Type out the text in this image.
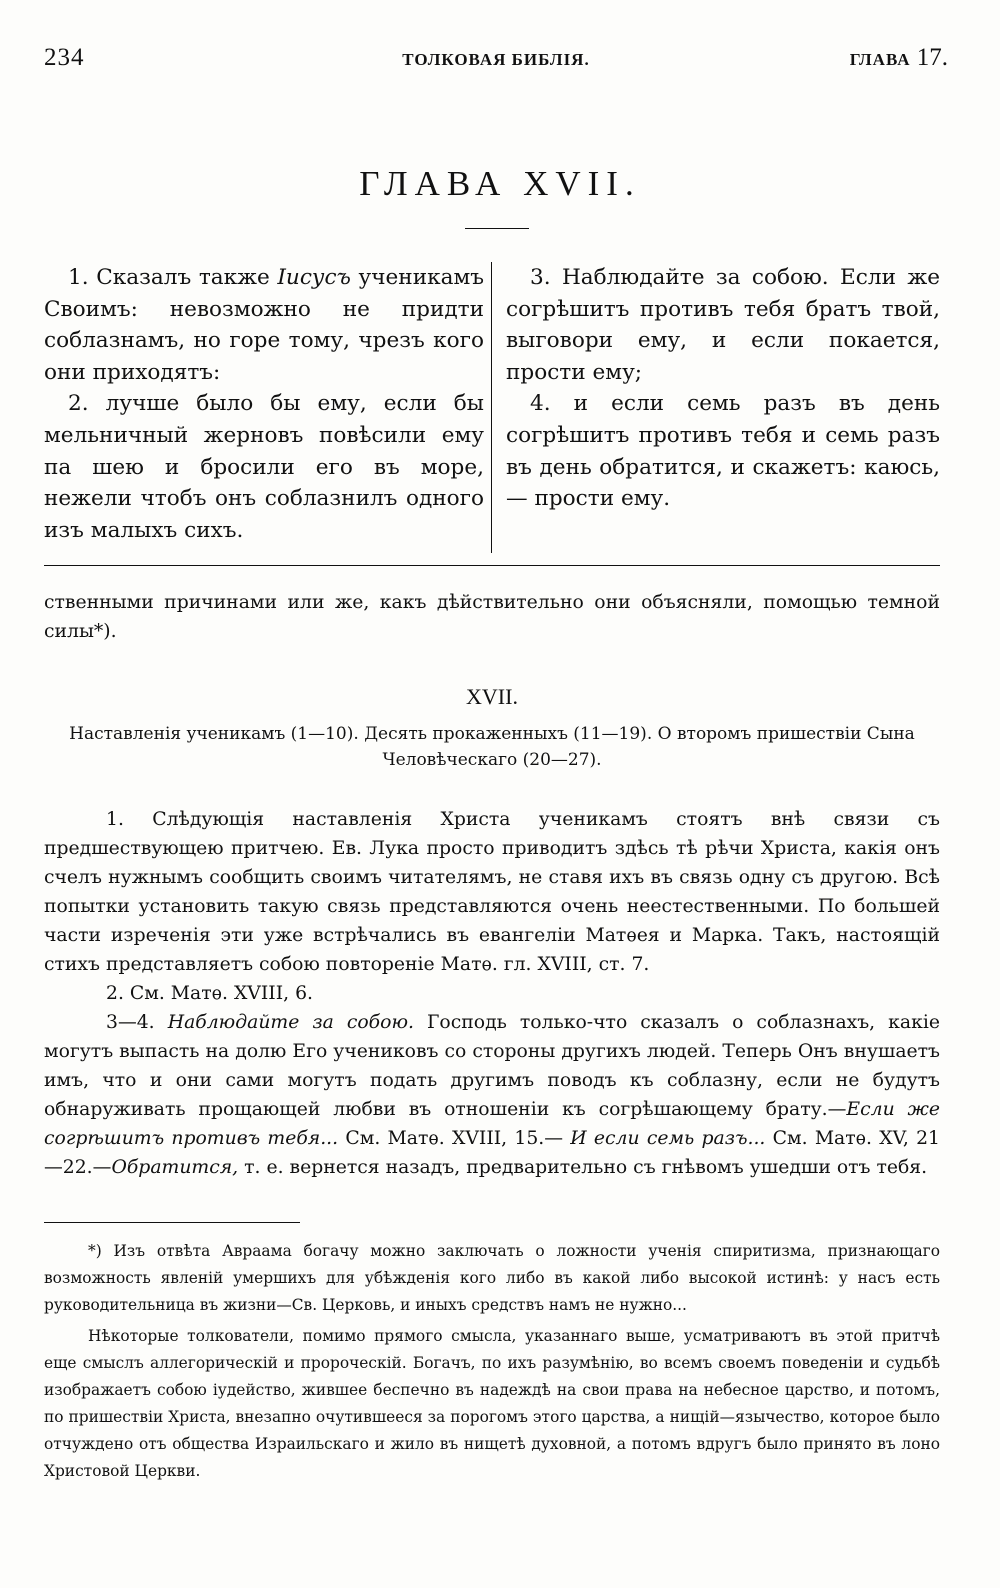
234	ТОЛКОВАЯ БИБЛІЯ.	ГЛАВА 17.
ГЛАВА XVII.

1. Сказалъ также Іисусъ ученикамъ Своимъ: невозможно не придти соблазнамъ, но горе тому, чрезъ кого они приходятъ:

2. лучше было бы ему, если бы мельничный жерновъ повѣсили ему па шею и бросили его въ море, нежели чтобъ онъ соблазнилъ одного изъ малыхъ сихъ.

3. Наблюдайте за собою. Если же согрѣшитъ противъ тебя братъ твой, выговори ему, и если покается, прости ему;

4. и если семь разъ въ день согрѣшитъ противъ тебя и семь разъ въ день обратится, и скажетъ: каюсь, — прости ему.

ственными причинами или же, какъ дѣйствительно они объясняли, помощью темной силы*).

XVII.

Наставленія ученикамъ (1—10). Десять прокаженныхъ (11—19). О второмъ пришествіи Сына Человѣческаго (20—27).

1. Слѣдующія наставленія Христа ученикамъ стоятъ внѣ связи съ предшествующею притчею. Ев. Лука просто приводитъ здѣсь тѣ рѣчи Христа, какія онъ счелъ нужнымъ сообщить своимъ читателямъ, не ставя ихъ въ связь одну съ другою. Всѣ попытки установить такую связь представляются очень неестественными. По большей части изреченія эти уже встрѣчались въ евангеліи Матѳея и Марка. Такъ, настоящій стихъ представляетъ собою повтореніе Матѳ. гл. XVIII, ст. 7.

2. См. Матѳ. XVIII, 6.

3—4. Наблюдайте за собою. Господь только-что сказалъ о соблазнахъ, какіе могутъ выпасть на долю Его учениковъ со стороны другихъ людей. Теперь Онъ внушаетъ имъ, что и они сами могутъ подать другимъ поводъ къ соблазну, если не будутъ обнаруживать прощающей любви въ отношеніи къ согрѣшающему брату.—Если же согрѣшитъ противъ тебя... См. Матѳ. XVIII, 15.— И если семь разъ... См. Матѳ. XV, 21—22.—Обратится, т. е. вернется назадъ, предварительно съ гнѣвомъ ушедши отъ тебя.

*) Изъ отвѣта Авраама богачу можно заключать о ложности ученія спиритизма, признающаго возможность явленій умершихъ для убѣжденія кого либо въ какой либо высокой истинѣ: у насъ есть руководительница въ жизни—Св. Церковь, и иныхъ средствъ намъ не нужно...

Нѣкоторые толкователи, помимо прямого смысла, указаннаго выше, усматриваютъ въ этой притчѣ еще смыслъ аллегорическій и пророческій. Богачъ, по ихъ разумѣнію, во всемъ своемъ поведеніи и судьбѣ изображаетъ собою іудейство, жившее беспечно въ надеждѣ на свои права на небесное царство, и потомъ, по пришествіи Христа, внезапно очутившееся за порогомъ этого царства, а нищій—язычество, которое было отчуждено отъ общества Израильскаго и жило въ нищетѣ духовной, а потомъ вдругъ было принято въ лоно Христовой Церкви.
